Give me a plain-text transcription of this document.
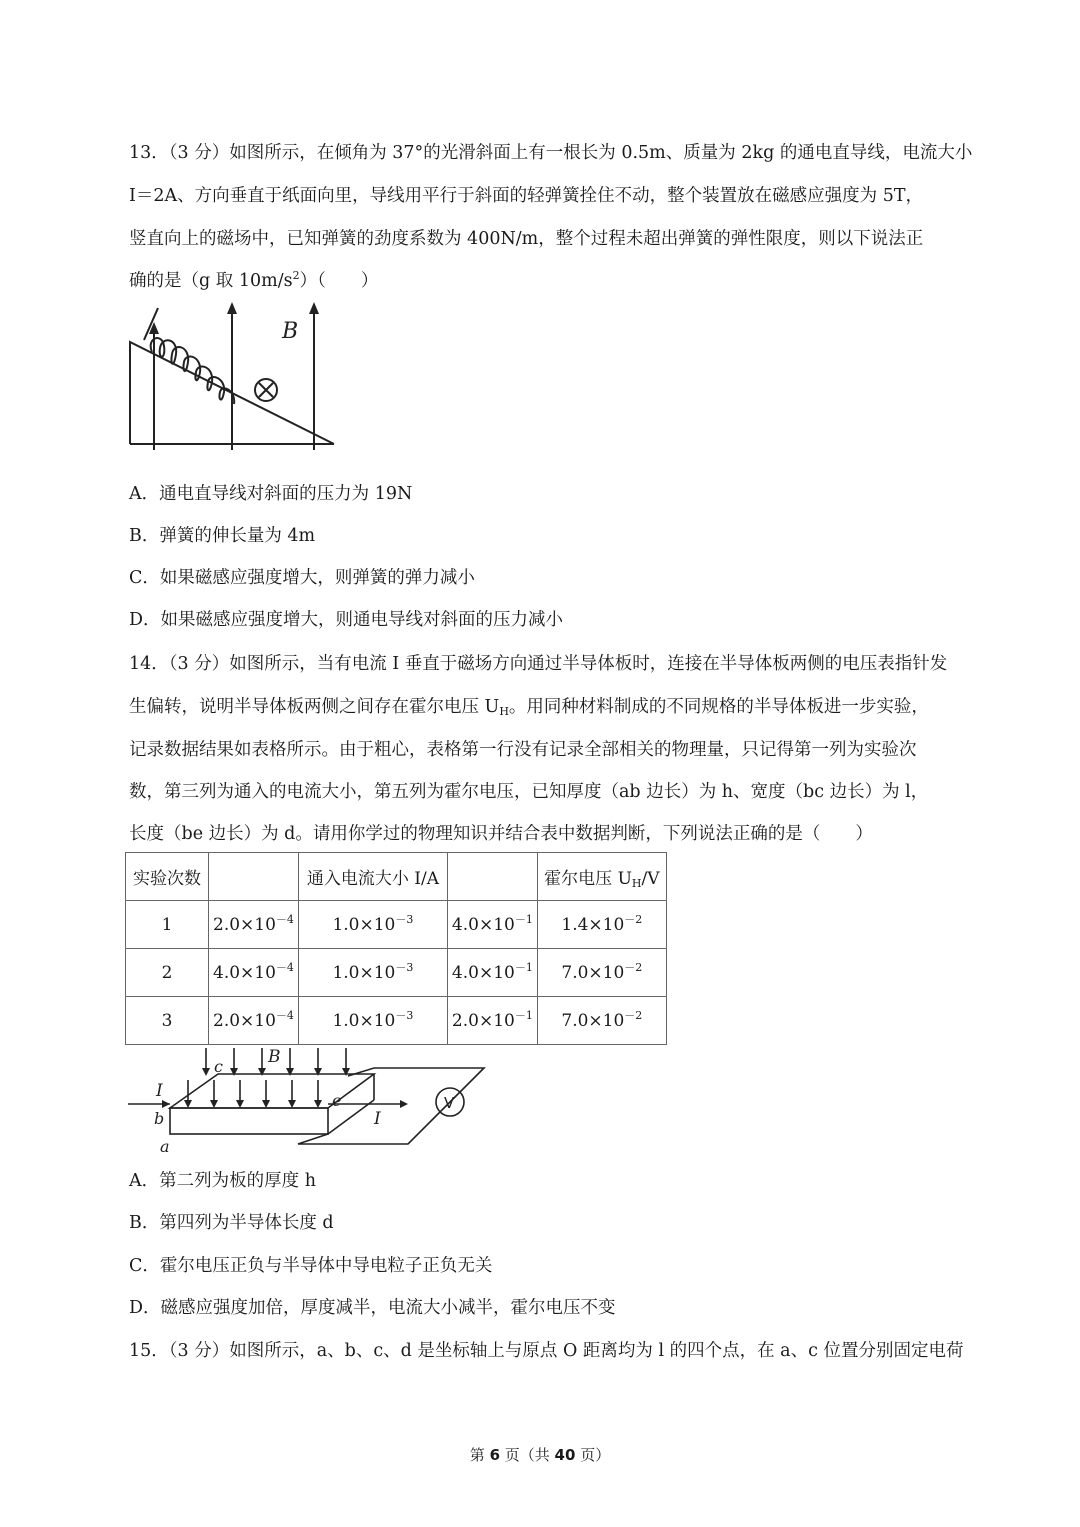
13．（3 分）如图所示，在倾角为 37°的光滑斜面上有一根长为 0.5m、质量为 2kg 的通电直导线，电流大小
I＝2A、方向垂直于纸面向里，导线用平行于斜面的轻弹簧拴住不动，整个装置放在磁感应强度为 5T，
竖直向上的磁场中，已知弹簧的劲度系数为 400N/m，整个过程未超出弹簧的弹性限度，则以下说法正
确的是（g 取 $10m/s^2$）（　　）
B
A．通电直导线对斜面的压力为 19N
B．弹簧的伸长量为 4m
C．如果磁感应强度增大，则弹簧的弹力减小
D．如果磁感应强度增大，则通电导线对斜面的压力减小
14．（3 分）如图所示，当有电流 I 垂直于磁场方向通过半导体板时，连接在半导体板两侧的电压表指针发
生偏转，说明半导体板两侧之间存在霍尔电压 $U_H$。用同种材料制成的不同规格的半导体板进一步实验，
记录数据结果如表格所示。由于粗心，表格第一行没有记录全部相关的物理量，只记得第一列为实验次
数，第三列为通入的电流大小，第五列为霍尔电压，已知厚度（ab 边长）为 h、宽度（bc 边长）为 l，
长度（be 边长）为 d。请用你学过的物理知识并结合表中数据判断，下列说法正确的是（　　）
实验次数		通入电流大小 I/A		霍尔电压 $U_H/V$
1	$2.0\times 10^{-4}$	$1.0\times 10^{-3}$	$4.0\times 10^{-1}$	$1.4\times 10^{-2}$
2	$4.0\times 10^{-4}$	$1.0\times 10^{-3}$	$4.0\times 10^{-1}$	$7.0\times 10^{-2}$
3	$2.0\times 10^{-4}$	$1.0\times 10^{-3}$	$2.0\times 10^{-1}$	$7.0\times 10^{-2}$
I
c	B
b
e
I
a
V
A．第二列为板的厚度 h
B．第四列为半导体长度 d
C．霍尔电压正负与半导体中导电粒子正负无关
D．磁感应强度加倍，厚度减半，电流大小减半，霍尔电压不变
15．（3 分）如图所示，a、b、c、d 是坐标轴上与原点 O 距离均为 l 的四个点，在 a、c 位置分别固定电荷
第 6 页（共 40 页）
